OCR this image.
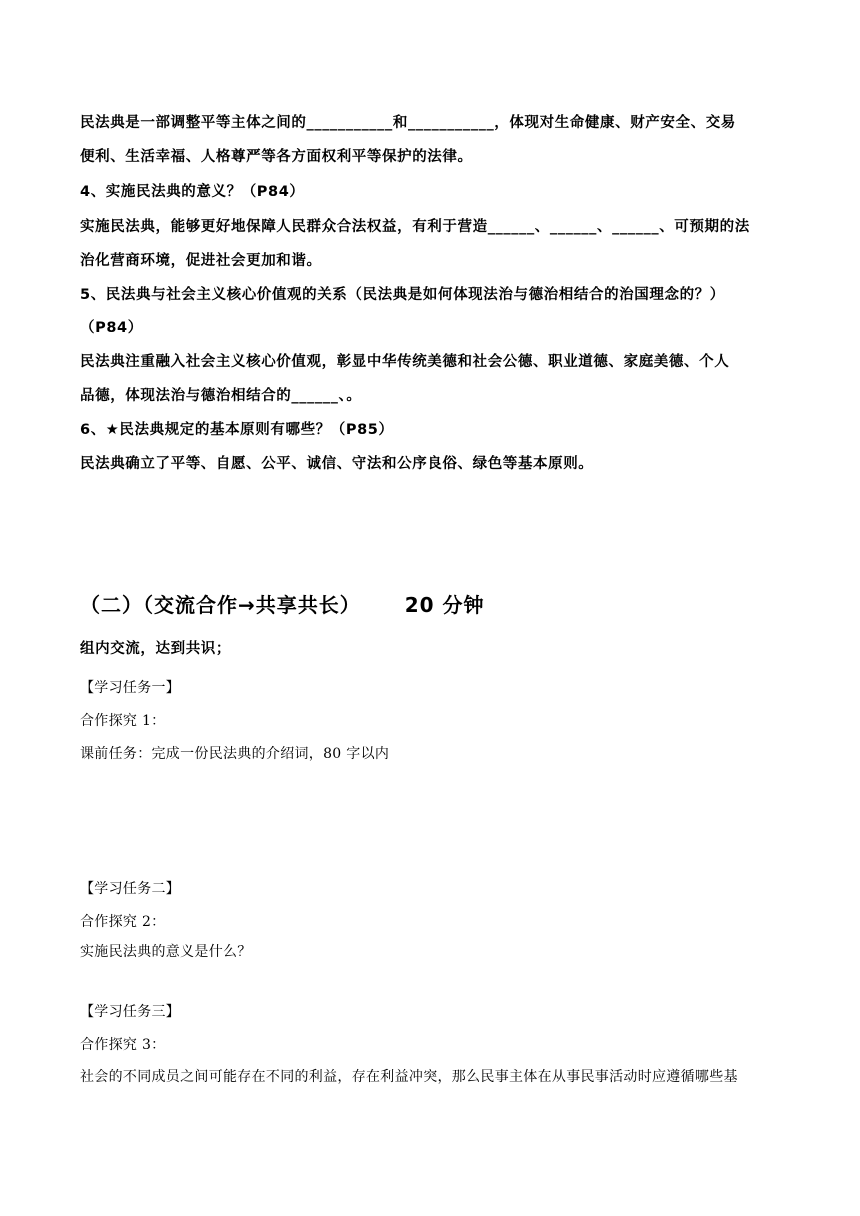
民法典是一部调整平等主体之间的___________和___________，体现对生命健康、财产安全、交易
便利、生活幸福、人格尊严等各方面权利平等保护的法律。
4、实施民法典的意义？（P84）
实施民法典，能够更好地保障人民群众合法权益，有利于营造______、______、______、可预期的法
治化营商环境，促进社会更加和谐。
5、民法典与社会主义核心价值观的关系（民法典是如何体现法治与德治相结合的治国理念的？）
（P84）
民法典注重融入社会主义核心价值观，彰显中华传统美德和社会公德、职业道德、家庭美德、个人
品德，体现法治与德治相结合的______、。
6、★民法典规定的基本原则有哪些？（P85）
民法典确立了平等、自愿、公平、诚信、守法和公序良俗、绿色等基本原则。
（二）（交流合作→共享共长） 20 分钟
组内交流，达到共识；
【学习任务一】
合作探究 1：
课前任务：完成一份民法典的介绍词，80 字以内
【学习任务二】
合作探究 2：
实施民法典的意义是什么？
【学习任务三】
合作探究 3：
社会的不同成员之间可能存在不同的利益，存在利益冲突，那么民事主体在从事民事活动时应遵循哪些基
